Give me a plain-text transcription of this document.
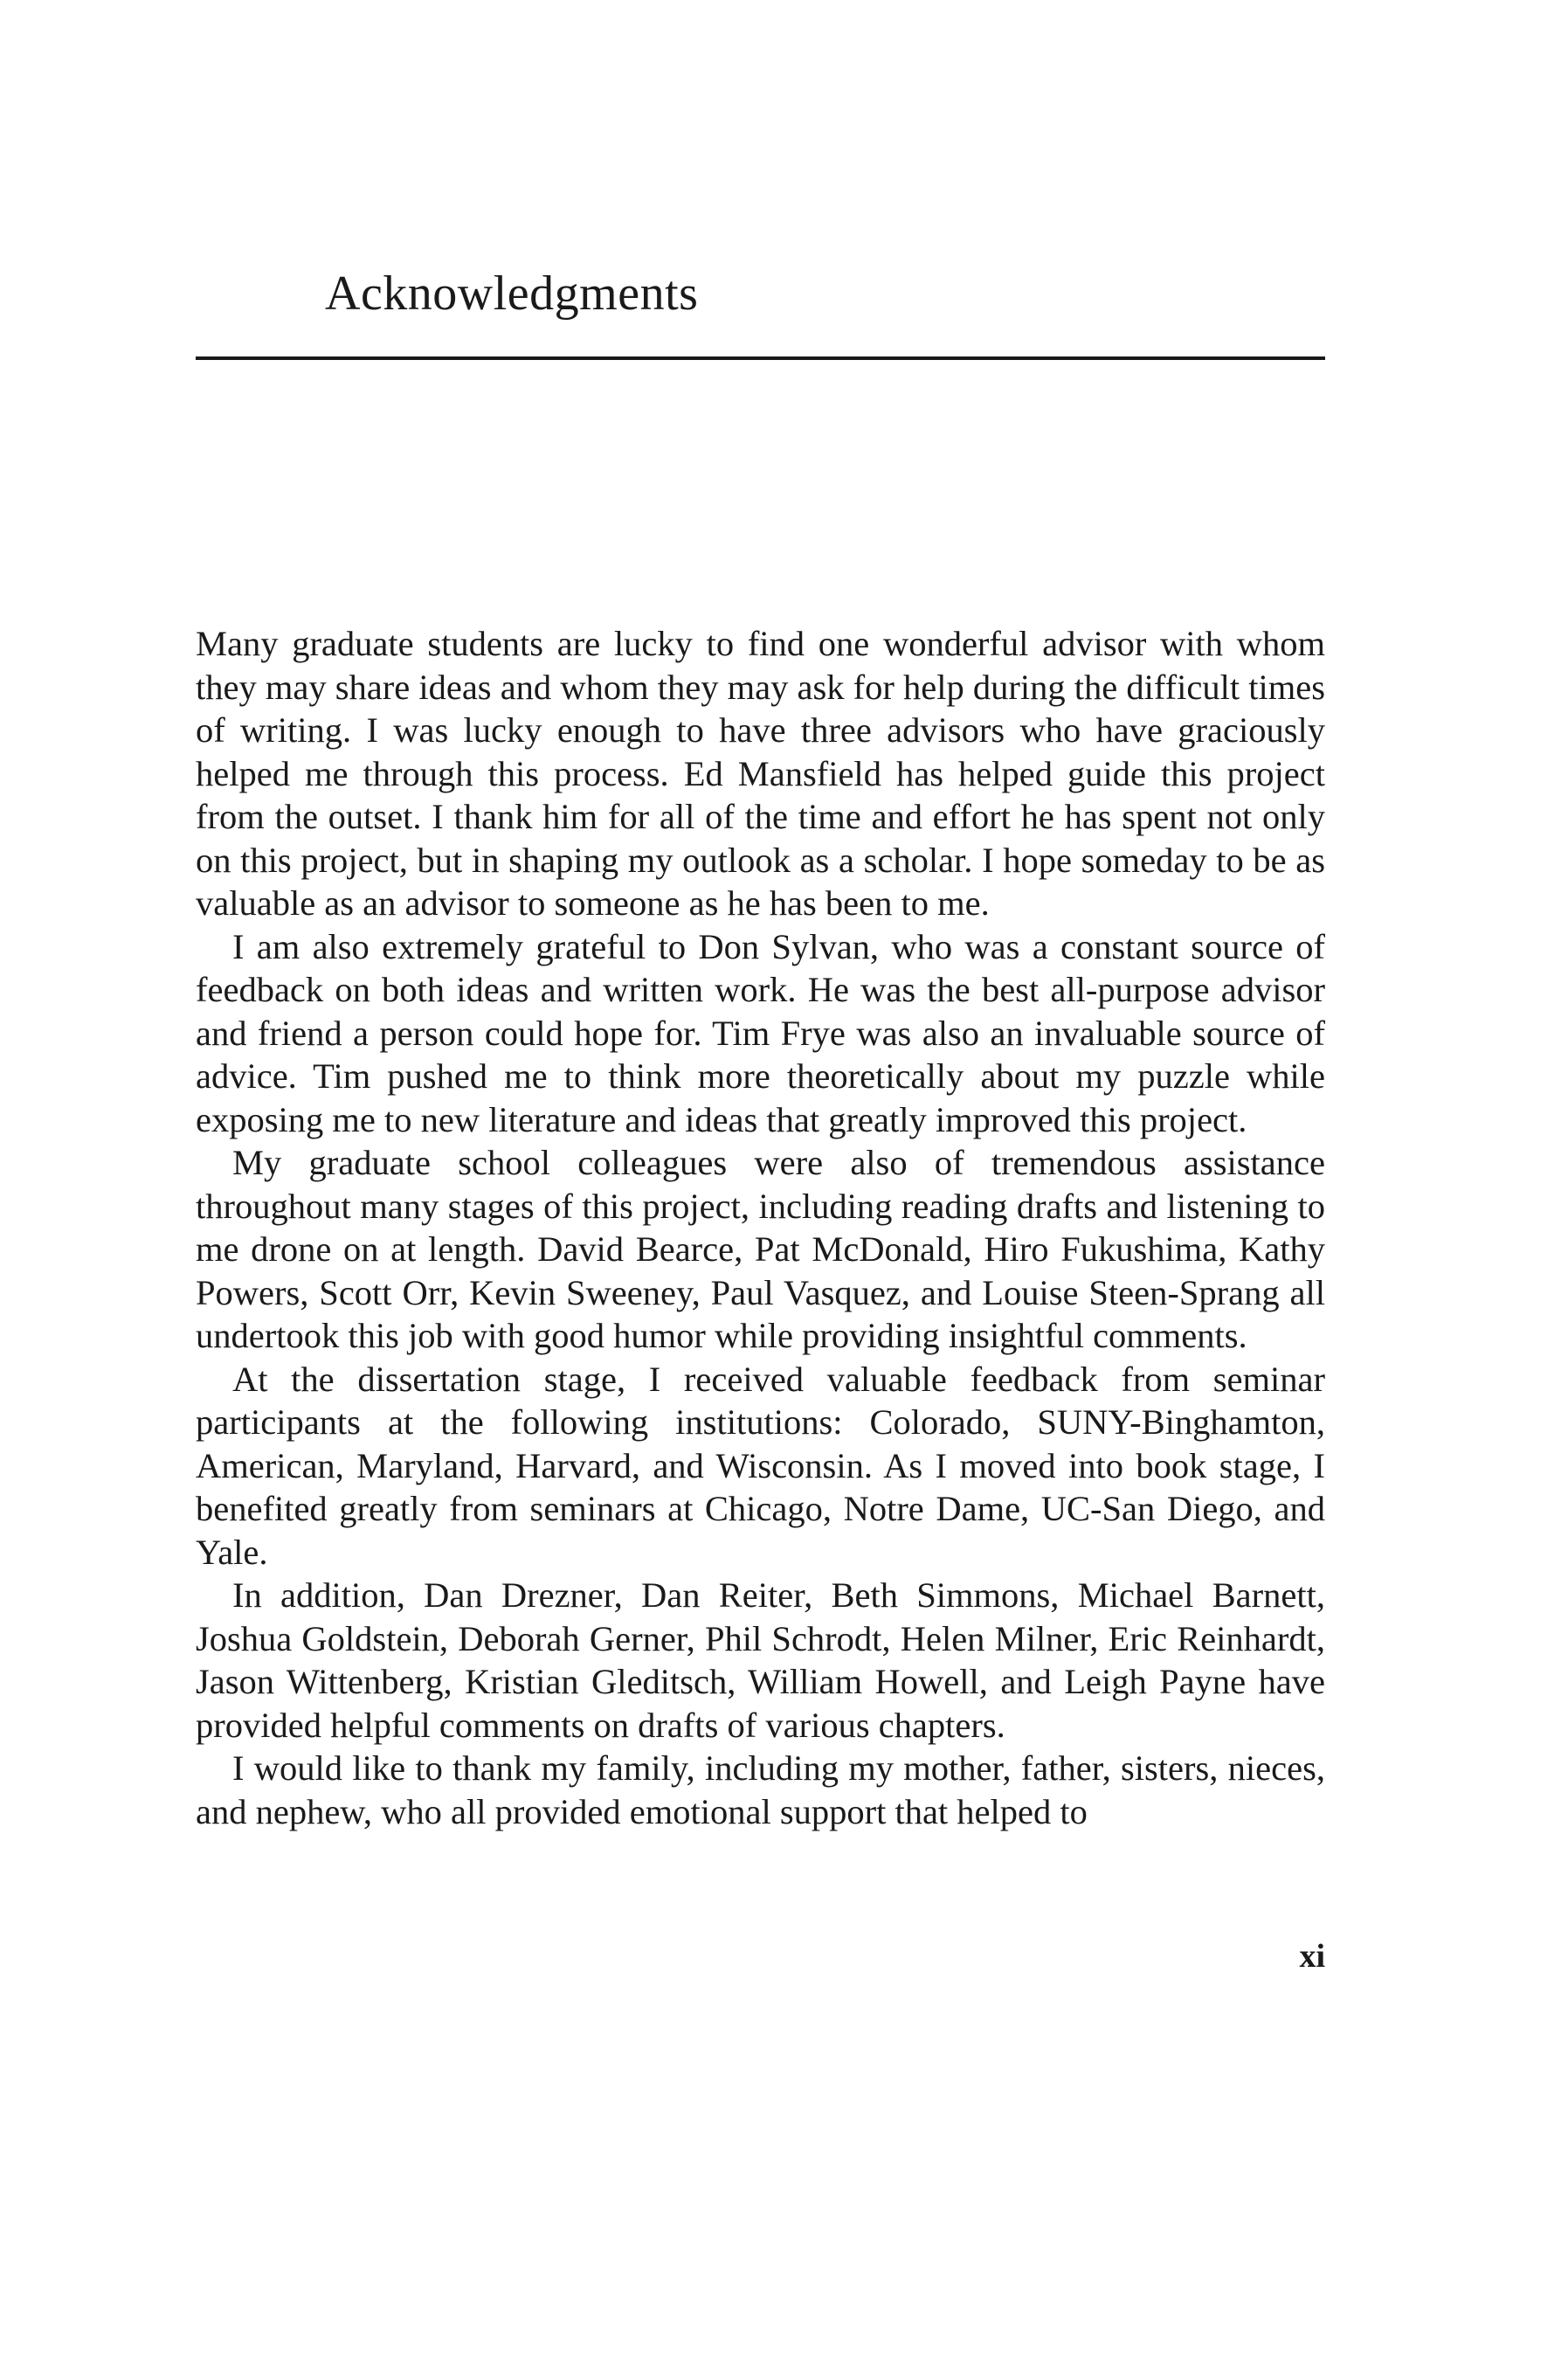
Acknowledgments

Many graduate students are lucky to find one wonderful advisor with whom they may share ideas and whom they may ask for help during the difficult times of writing. I was lucky enough to have three advisors who have graciously helped me through this process. Ed Mansfield has helped guide this project from the outset. I thank him for all of the time and effort he has spent not only on this project, but in shaping my outlook as a scholar. I hope someday to be as valuable as an advisor to someone as he has been to me.

I am also extremely grateful to Don Sylvan, who was a constant source of feedback on both ideas and written work. He was the best all-purpose advisor and friend a person could hope for. Tim Frye was also an invaluable source of advice. Tim pushed me to think more theoretically about my puzzle while exposing me to new literature and ideas that greatly improved this project.

My graduate school colleagues were also of tremendous assistance throughout many stages of this project, including reading drafts and listening to me drone on at length. David Bearce, Pat McDonald, Hiro Fukushima, Kathy Powers, Scott Orr, Kevin Sweeney, Paul Vasquez, and Louise Steen-Sprang all undertook this job with good humor while providing insightful comments.

At the dissertation stage, I received valuable feedback from seminar participants at the following institutions: Colorado, SUNY-Binghamton, American, Maryland, Harvard, and Wisconsin. As I moved into book stage, I benefited greatly from seminars at Chicago, Notre Dame, UC-San Diego, and Yale.

In addition, Dan Drezner, Dan Reiter, Beth Simmons, Michael Barnett, Joshua Goldstein, Deborah Gerner, Phil Schrodt, Helen Milner, Eric Reinhardt, Jason Wittenberg, Kristian Gleditsch, William Howell, and Leigh Payne have provided helpful comments on drafts of various chapters.

I would like to thank my family, including my mother, father, sisters, nieces, and nephew, who all provided emotional support that helped to

xi
